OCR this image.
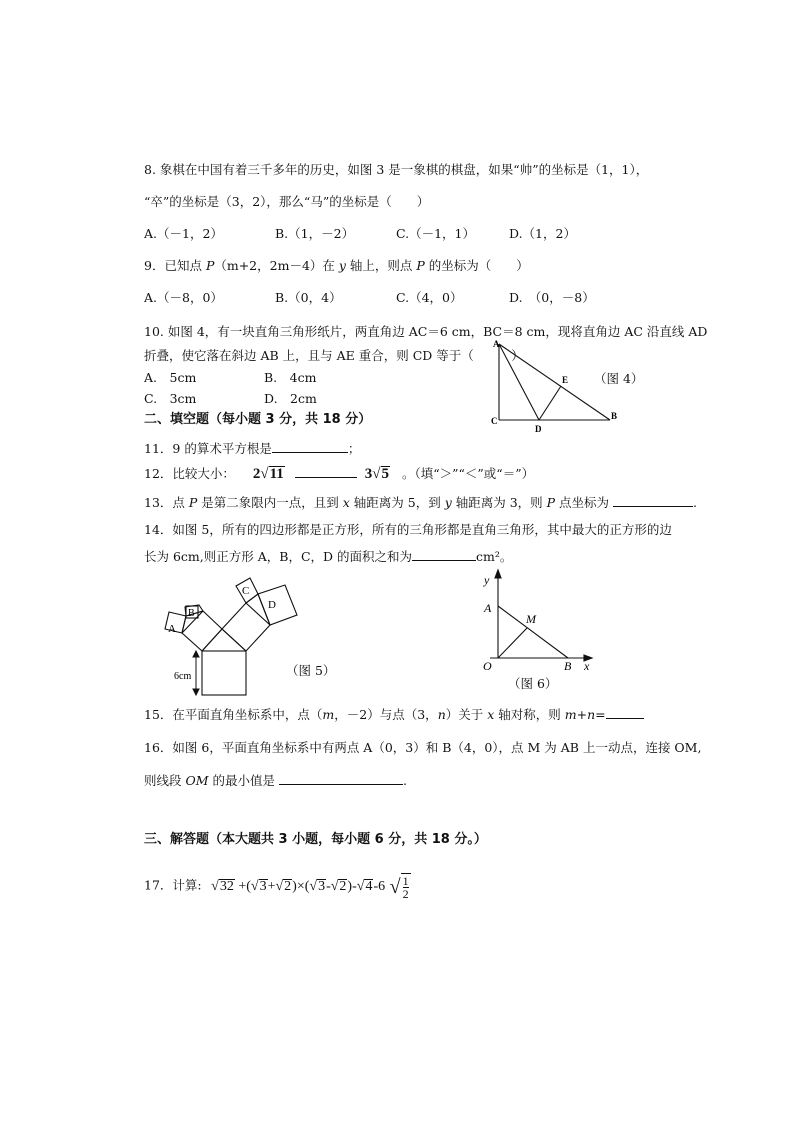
8. 象棋在中国有着三千多年的历史，如图 3 是一象棋的棋盘，如果“帅”的坐标是（1，1），
“卒”的坐标是（3，2），那么“马”的坐标是（　　）
A.（－1，2）	B.（1，－2）	C.（－1，1）	D.（1，2）
9．已知点 P（m+2，2m－4）在 y 轴上，则点 P 的坐标为（　　）
A.（－8，0）	B.（0，4）	C.（4，0）	D.　（0，－8）
10. 如图 4，有一块直角三角形纸片，两直角边 AC＝6 cm，BC＝8 cm，现将直角边 AC 沿直线 AD
折叠，使它落在斜边 AB 上，且与 AE 重合，则 CD 等于（　　　）
A.　5cm	B.　4cm
C.　3cm	D.　2cm
A
E
C
D
B
（图 4）
二、填空题（每小题 3 分，共 18 分）
11．9 的算术平方根是	；
12．比较大小： 2√11	3√5 。（填“＞”“＜”或“＝”）
13．点 P 是第二象限内一点，且到 x 轴距离为 5，到 y 轴距离为 3，则 P 点坐标为	.
14．如图 5，所有的四边形都是正方形，所有的三角形都是直角三角形，其中最大的正方形的边
长为 6cm,则正方形 A，B，C，D 的面积之和为	cm²。
A
B
C
D
6cm	（图 5）
y
A
M
O	B x
（图 6）
15．在平面直角坐标系中，点（m，－2）与点（3，n）关于 x 轴对称，则 m+n=
16．如图 6，平面直角坐标系中有两点 A（0，3）和 B（4，0），点 M 为 AB 上一动点，连接 OM,
则线段 OM 的最小值是	.
三、解答题（本大题共 3 小题，每小题 6 分，共 18 分。）
17．计算: √32 +(√3+√2)×(√3-√2)-√4-6 √ $\frac{1}{2}$
